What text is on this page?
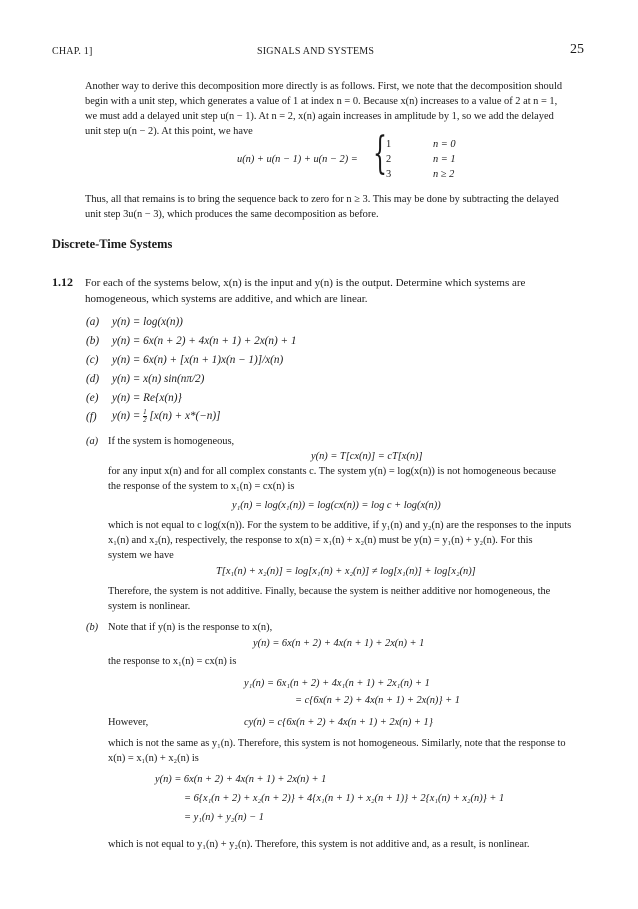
CHAP. 1]	SIGNALS AND SYSTEMS	25
Another way to derive this decomposition more directly is as follows. First, we note that the decomposition should
begin with a unit step, which generates a value of 1 at index n = 0. Because x(n) increases to a value of 2 at n = 1,
we must add a delayed unit step u(n − 1). At n = 2, x(n) again increases in amplitude by 1, so we add the delayed
unit step u(n − 2). At this point, we have
u(n) + u(n − 1) + u(n − 2) = { 1	n = 0
2	n = 1
3	n ≥ 2
Thus, all that remains is to bring the sequence back to zero for n ≥ 3. This may be done by subtracting the delayed
unit step 3u(n − 3), which produces the same decomposition as before.
Discrete-Time Systems
1.12 For each of the systems below, x(n) is the input and y(n) is the output. Determine which systems are
homogeneous, which systems are additive, and which are linear.
(a) y(n) = log(x(n))
(b) y(n) = 6x(n + 2) + 4x(n + 1) + 2x(n) + 1
(c) y(n) = 6x(n) + [x(n + 1)x(n − 1)]/x(n)
(d) y(n) = x(n) sin(nπ/2)
(e) y(n) = Re{x(n)}
(f) $y(n) = \frac{1}{2} [x(n) + x*(-n)]$
(a) If the system is homogeneous,
y(n) = T[cx(n)] = cT[x(n)]
for any input x(n) and for all complex constants c. The system y(n) = log(x(n)) is not homogeneous because
the response of the system to x₁(n) = cx(n) is
y₁(n) = log(x₁(n)) = log(cx(n)) = log c + log(x(n))
which is not equal to c log(x(n)). For the system to be additive, if y₁(n) and y₂(n) are the responses to the inputs
x₁(n) and x₂(n), respectively, the response to x(n) = x₁(n) + x₂(n) must be y(n) = y₁(n) + y₂(n). For this
system we have
T[x₁(n) + x₂(n)] = log[x₁(n) + x₂(n)] ≠ log[x₁(n)] + log[x₂(n)]
Therefore, the system is not additive. Finally, because the system is neither additive nor homogeneous, the
system is nonlinear.
(b) Note that if y(n) is the response to x(n),
y(n) = 6x(n + 2) + 4x(n + 1) + 2x(n) + 1
the response to x₁(n) = cx(n) is
y₁(n) = 6x₁(n + 2) + 4x₁(n + 1) + 2x₁(n) + 1
= c{6x(n + 2) + 4x(n + 1) + 2x(n)} + 1
However,	cy(n) = c{6x(n + 2) + 4x(n + 1) + 2x(n) + 1}
which is not the same as y₁(n). Therefore, this system is not homogeneous. Similarly, note that the response to
x(n) = x₁(n) + x₂(n) is
y(n) = 6x(n + 2) + 4x(n + 1) + 2x(n) + 1
= 6{x₁(n + 2) + x₂(n + 2)} + 4{x₁(n + 1) + x₂(n + 1)} + 2{x₁(n) + x₂(n)} + 1
= y₁(n) + y₂(n) − 1
which is not equal to y₁(n) + y₂(n). Therefore, this system is not additive and, as a result, is nonlinear.
